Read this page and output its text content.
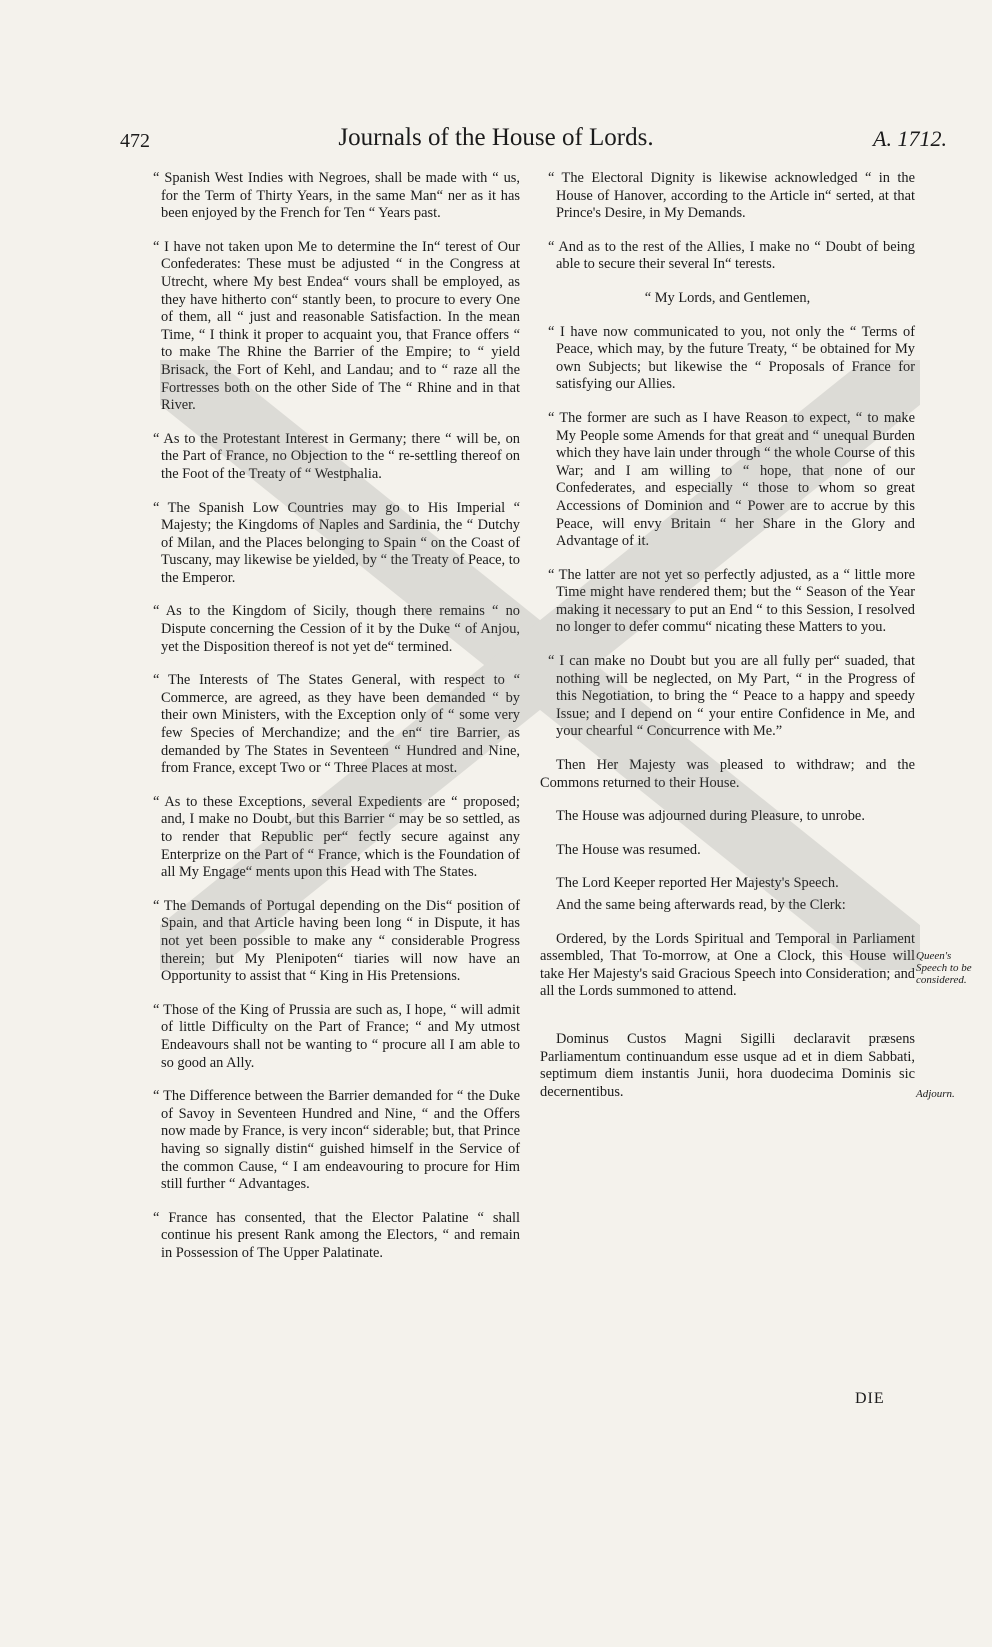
472	Journals of the House of Lords.	A. 1712.

“ Spanish West Indies with Negroes, shall be made with “ us, for the Term of Thirty Years, in the same Man“ ner as it has been enjoyed by the French for Ten “ Years past.

“ I have not taken upon Me to determine the In“ terest of Our Confederates: These must be adjusted “ in the Congress at Utrecht, where My best Endea“ vours shall be employed, as they have hitherto con“ stantly been, to procure to every One of them, all “ just and reasonable Satisfaction. In the mean Time, “ I think it proper to acquaint you, that France offers “ to make The Rhine the Barrier of the Empire; to “ yield Brisack, the Fort of Kehl, and Landau; and to “ raze all the Fortresses both on the other Side of The “ Rhine and in that River.

“ As to the Protestant Interest in Germany; there “ will be, on the Part of France, no Objection to the “ re-settling thereof on the Foot of the Treaty of “ Westphalia.

“ The Spanish Low Countries may go to His Imperial “ Majesty; the Kingdoms of Naples and Sardinia, the “ Dutchy of Milan, and the Places belonging to Spain “ on the Coast of Tuscany, may likewise be yielded, by “ the Treaty of Peace, to the Emperor.

“ As to the Kingdom of Sicily, though there remains “ no Dispute concerning the Cession of it by the Duke “ of Anjou, yet the Disposition thereof is not yet de“ termined.

“ The Interests of The States General, with respect to “ Commerce, are agreed, as they have been demanded “ by their own Ministers, with the Exception only of “ some very few Species of Merchandize; and the en“ tire Barrier, as demanded by The States in Seventeen “ Hundred and Nine, from France, except Two or “ Three Places at most.

“ As to these Exceptions, several Expedients are “ proposed; and, I make no Doubt, but this Barrier “ may be so settled, as to render that Republic per“ fectly secure against any Enterprize on the Part of “ France, which is the Foundation of all My Engage“ ments upon this Head with The States.

“ The Demands of Portugal depending on the Dis“ position of Spain, and that Article having been long “ in Dispute, it has not yet been possible to make any “ considerable Progress therein; but My Plenipoten“ tiaries will now have an Opportunity to assist that “ King in His Pretensions.

“ Those of the King of Prussia are such as, I hope, “ will admit of little Difficulty on the Part of France; “ and My utmost Endeavours shall not be wanting to “ procure all I am able to so good an Ally.

“ The Difference between the Barrier demanded for “ the Duke of Savoy in Seventeen Hundred and Nine, “ and the Offers now made by France, is very incon“ siderable; but, that Prince having so signally distin“ guished himself in the Service of the common Cause, “ I am endeavouring to procure for Him still further “ Advantages.

“ France has consented, that the Elector Palatine “ shall continue his present Rank among the Electors, “ and remain in Possession of The Upper Palatinate.

“ The Electoral Dignity is likewise acknowledged “ in the House of Hanover, according to the Article in“ serted, at that Prince's Desire, in My Demands.

“ And as to the rest of the Allies, I make no “ Doubt of being able to secure their several In“ terests.

“ My Lords, and Gentlemen,

“ I have now communicated to you, not only the “ Terms of Peace, which may, by the future Treaty, “ be obtained for My own Subjects; but likewise the “ Proposals of France for satisfying our Allies.

“ The former are such as I have Reason to expect, “ to make My People some Amends for that great and “ unequal Burden which they have lain under through “ the whole Course of this War; and I am willing to “ hope, that none of our Confederates, and especially “ those to whom so great Accessions of Dominion and “ Power are to accrue by this Peace, will envy Britain “ her Share in the Glory and Advantage of it.

“ The latter are not yet so perfectly adjusted, as a “ little more Time might have rendered them; but the “ Season of the Year making it necessary to put an End “ to this Session, I resolved no longer to defer commu“ nicating these Matters to you.

“ I can make no Doubt but you are all fully per“ suaded, that nothing will be neglected, on My Part, “ in the Progress of this Negotiation, to bring the “ Peace to a happy and speedy Issue; and I depend on “ your entire Confidence in Me, and your chearful “ Concurrence with Me.”

Then Her Majesty was pleased to withdraw; and the Commons returned to their House.

The House was adjourned during Pleasure, to unrobe.

The House was resumed.

The Lord Keeper reported Her Majesty's Speech.

And the same being afterwards read, by the Clerk:

Ordered, by the Lords Spiritual and Temporal in Parliament assembled, That To-morrow, at One a Clock, this House will take Her Majesty's said Gracious Speech into Consideration; and all the Lords summoned to attend.

Dominus Custos Magni Sigilli declaravit præsens Parliamentum continuandum esse usque ad et in diem Sabbati, septimum diem instantis Junii, hora duodecima Dominis sic decernentibus.

Queen's Speech to be considered.
Adjourn.
DIE
